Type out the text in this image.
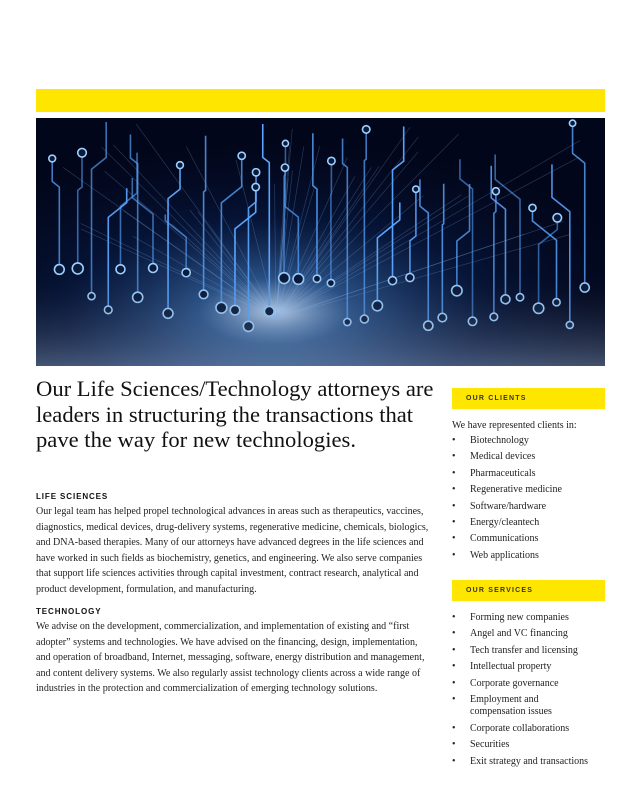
Our Life Sciences/Technology attorneys are leaders in structuring the transactions that pave the way for new technologies.
LIFE SCIENCES

Our legal team has helped propel technological advances in areas such as therapeutics, vaccines, diagnostics, medical devices, drug-delivery systems, regenerative medicine, chemicals, biologics, and DNA-based therapies. Many of our attorneys have advanced degrees in the life sciences and have worked in such fields as biochemistry, genetics, and engineering. We also serve companies that support life sciences activities through capital investment, contract research, analytical and product development, formulation, and manufacturing.

TECHNOLOGY

We advise on the development, commercialization, and implementation of existing and “first adopter” systems and technologies. We have advised on the financing, design, implementation, and operation of broadband, Internet, messaging, software, energy distribution and management, and content delivery systems. We also regularly assist technology clients across a wide range of industries in the protection and commercialization of emerging technology solutions.

OUR CLIENTS

We have represented clients in:

• Biotechnology
• Medical devices
• Pharmaceuticals
• Regenerative medicine
• Software/hardware
• Energy/cleantech
• Communications
• Web applications
OUR SERVICES
• Forming new companies
• Angel and VC financing
• Tech transfer and licensing
• Intellectual property
• Corporate governance
• Employment and compensation issues
• Corporate collaborations
• Securities
• Exit strategy and transactions
